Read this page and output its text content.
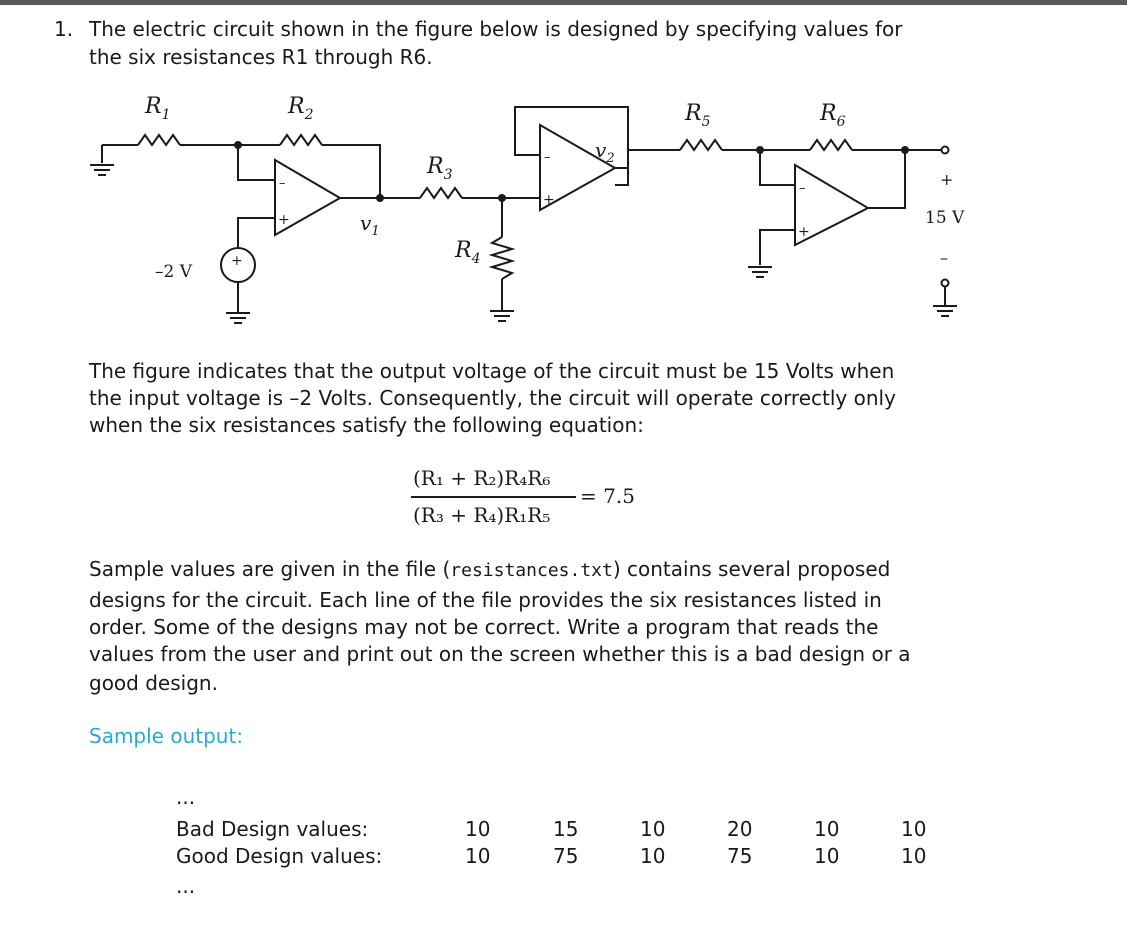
1. The electric circuit shown in the figure below is designed by specifying values for
the six resistances R1 through R6.
$R_1$	$R_2$
$R_3$
$R_4$
$R_5$	$R_6$
$v_1$
$v_2$
–2 V
+
+
15 V
–
–
+
–
+
–
+
The figure indicates that the output voltage of the circuit must be 15 Volts when
the input voltage is –2 Volts. Consequently, the circuit will operate correctly only
when the six resistances satisfy the following equation:
(R₁ + R₂)R₄R₆
(R₃ + R₄)R₁R₅
= 7.5
Sample values are given in the file (resistances.txt) contains several proposed
designs for the circuit. Each line of the file provides the six resistances listed in
order. Some of the designs may not be correct. Write a program that reads the
values from the user and print out on the screen whether this is a bad design or a
good design.
Sample output:
...
Bad Design values:	10	15	10	20	10	10
Good Design values:	10	75	10	75	10	10
...
